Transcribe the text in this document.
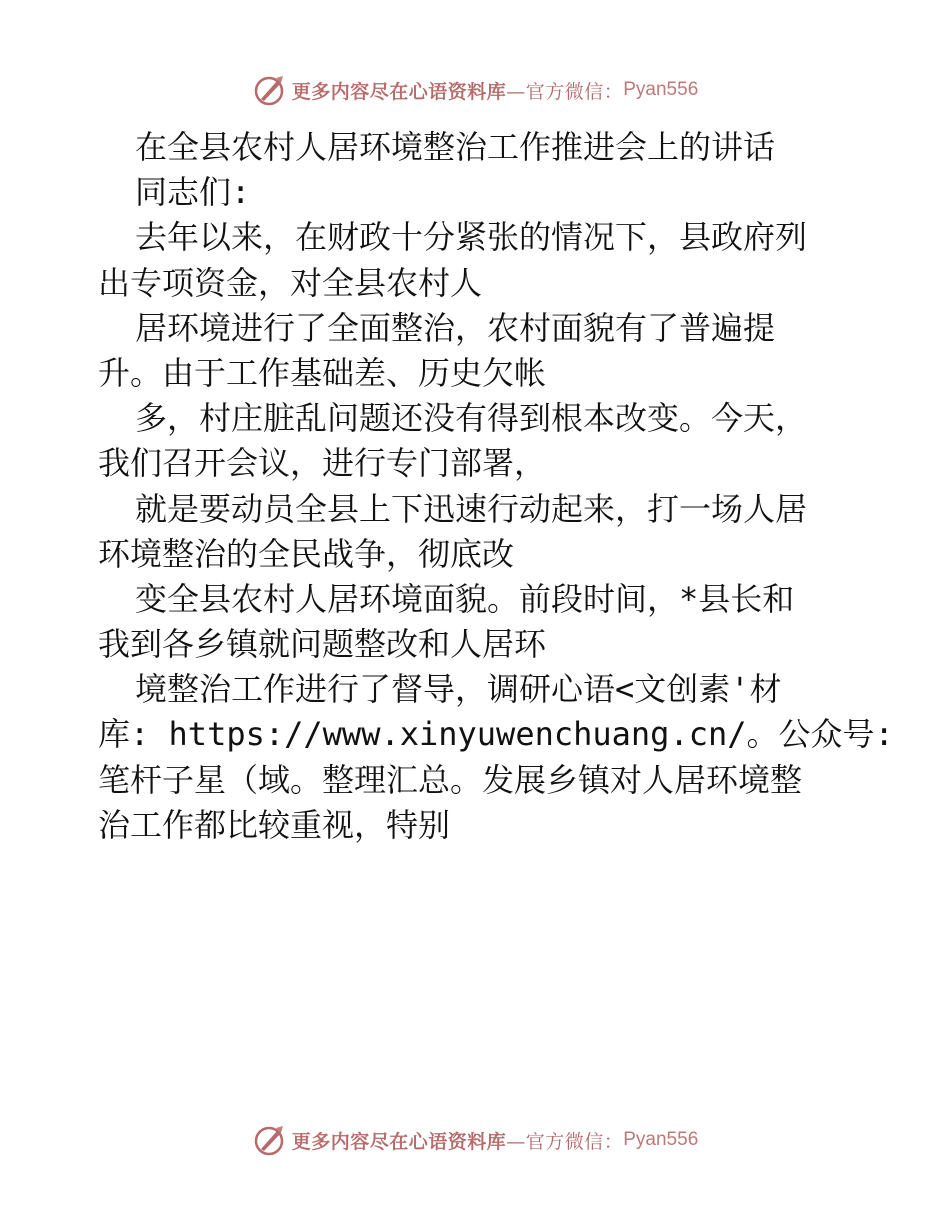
更多内容尽在心语资料库 —官方微信： Pyan556
在全县农村人居环境整治工作推进会上的讲话
同志们:
去年以来，在财政十分紧张的情况下，县政府列
出专项资金，对全县农村人
居环境进行了全面整治，农村面貌有了普遍提
升。由于工作基础差、历史欠帐
多，村庄脏乱问题还没有得到根本改变。今天，
我们召开会议，进行专门部署，
就是要动员全县上下迅速行动起来，打一场人居
环境整治的全民战争，彻底改
变全县农村人居环境面貌。前段时间，*县长和
我到各乡镇就问题整改和人居环
境整治工作进行了督导，调研心语<文创素'材
库: https://www.xinyuwenchuang.cn/。公众号:
笔杆子星（域。整理汇总。发展乡镇对人居环境整
治工作都比较重视，特别
更多内容尽在心语资料库 —官方微信： Pyan556
